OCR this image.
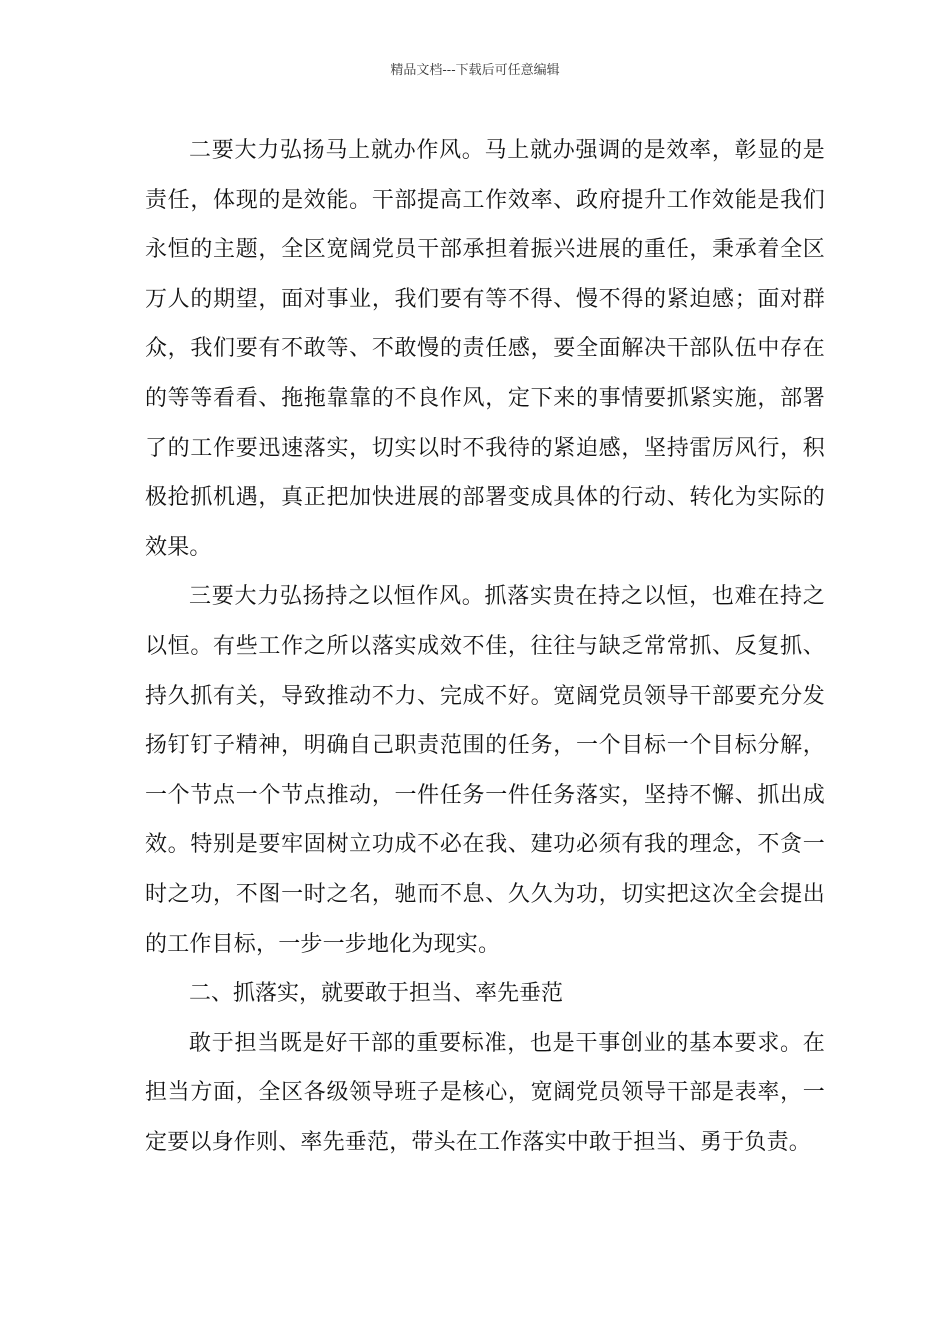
精品文档---下载后可任意编辑

二要大力弘扬马上就办作风。马上就办强调的是效率，彰显的是责任，体现的是效能。干部提高工作效率、政府提升工作效能是我们永恒的主题，全区宽阔党员干部承担着振兴进展的重任，秉承着全区万人的期望，面对事业，我们要有等不得、慢不得的紧迫感；面对群众，我们要有不敢等、不敢慢的责任感，要全面解决干部队伍中存在的等等看看、拖拖靠靠的不良作风，定下来的事情要抓紧实施，部署了的工作要迅速落实，切实以时不我待的紧迫感，坚持雷厉风行，积极抢抓机遇，真正把加快进展的部署变成具体的行动、转化为实际的效果。

三要大力弘扬持之以恒作风。抓落实贵在持之以恒，也难在持之以恒。有些工作之所以落实成效不佳，往往与缺乏常常抓、反复抓、持久抓有关，导致推动不力、完成不好。宽阔党员领导干部要充分发扬钉钉子精神，明确自己职责范围的任务，一个目标一个目标分解，一个节点一个节点推动，一件任务一件任务落实，坚持不懈、抓出成效。特别是要牢固树立功成不必在我、建功必须有我的理念，不贪一时之功，不图一时之名，驰而不息、久久为功，切实把这次全会提出的工作目标，一步一步地化为现实。

二、抓落实，就要敢于担当、率先垂范

敢于担当既是好干部的重要标准，也是干事创业的基本要求。在担当方面，全区各级领导班子是核心，宽阔党员领导干部是表率，一定要以身作则、率先垂范，带头在工作落实中敢于担当、勇于负责。
